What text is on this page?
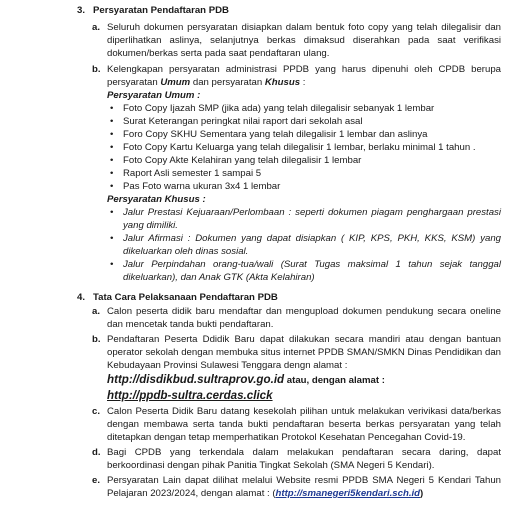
3. Persyaratan Pendaftaran PDB
a. Seluruh dokumen persyaratan disiapkan dalam bentuk foto copy yang telah dilegalisir dan diperlihatkan aslinya, selanjutnya berkas dimaksud diserahkan pada saat verifikasi dokumen/berkas serta pada saat pendaftaran ulang.
b. Kelengkapan persyaratan administrasi PPDB yang harus dipenuhi oleh CPDB berupa persyaratan Umum dan persyaratan Khusus :
Persyaratan Umum :
• Foto Copy Ijazah SMP (jika ada) yang telah dilegalisir sebanyak 1 lembar
• Surat Keterangan peringkat nilai raport dari sekolah asal
• Foro Copy SKHU Sementara yang telah dilegalisir 1 lembar dan aslinya
• Foto Copy Kartu Keluarga yang telah dilegalisir 1 lembar, berlaku minimal 1 tahun .
• Foto Copy Akte Kelahiran yang telah dilegalisir 1 lembar
• Raport Asli semester 1 sampai 5
• Pas Foto warna ukuran 3x4 1 lembar
Persyaratan Khusus :
• Jalur Prestasi Kejuaraan/Perlombaan : seperti dokumen piagam penghargaan prestasi yang dimiliki.
• Jalur Afirmasi : Dokumen yang dapat disiapkan ( KIP, KPS, PKH, KKS, KSM) yang dikeluarkan oleh dinas sosial.
• Jalur Perpindahan orang-tua/wali (Surat Tugas maksimal 1 tahun sejak tanggal dikeluarkan), dan Anak GTK (Akta Kelahiran)
4. Tata Cara Pelaksanaan Pendaftaran PDB
a. Calon peserta didik baru mendaftar dan mengupload dokumen pendukung secara oneline dan mencetak tanda bukti pendaftaran.
b. Pendaftaran Peserta Ddidik Baru dapat dilakukan secara mandiri atau dengan bantuan operator sekolah dengan membuka situs internet PPDB SMAN/SMKN Dinas Pendidikan dan Kebudayaan Provinsi Sulawesi Tenggara dengn alamat :
http://disdikbud.sultraprov.go.id atau, dengan alamat :
http://ppdb-sultra.cerdas.click
c. Calon Peserta Didik Baru datang kesekolah pilihan untuk melakukan verivikasi data/berkas dengan membawa serta tanda bukti pendaftaran beserta berkas persyaratan yang telah ditetapkan dengan tetap memperhatikan Protokol Kesehatan Pencegahan Covid-19.
d. Bagi CPDB yang terkendala dalam melakukan pendaftaran secara daring, dapat berkoordinasi dengan pihak Panitia Tingkat Sekolah (SMA Negeri 5 Kendari).
e. Persyaratan Lain dapat dilihat melalui Website resmi PPDB SMA Negeri 5 Kendari Tahun Pelajaran 2023/2024, dengan alamat : (http://smanegeri5kendari.sch.id)
